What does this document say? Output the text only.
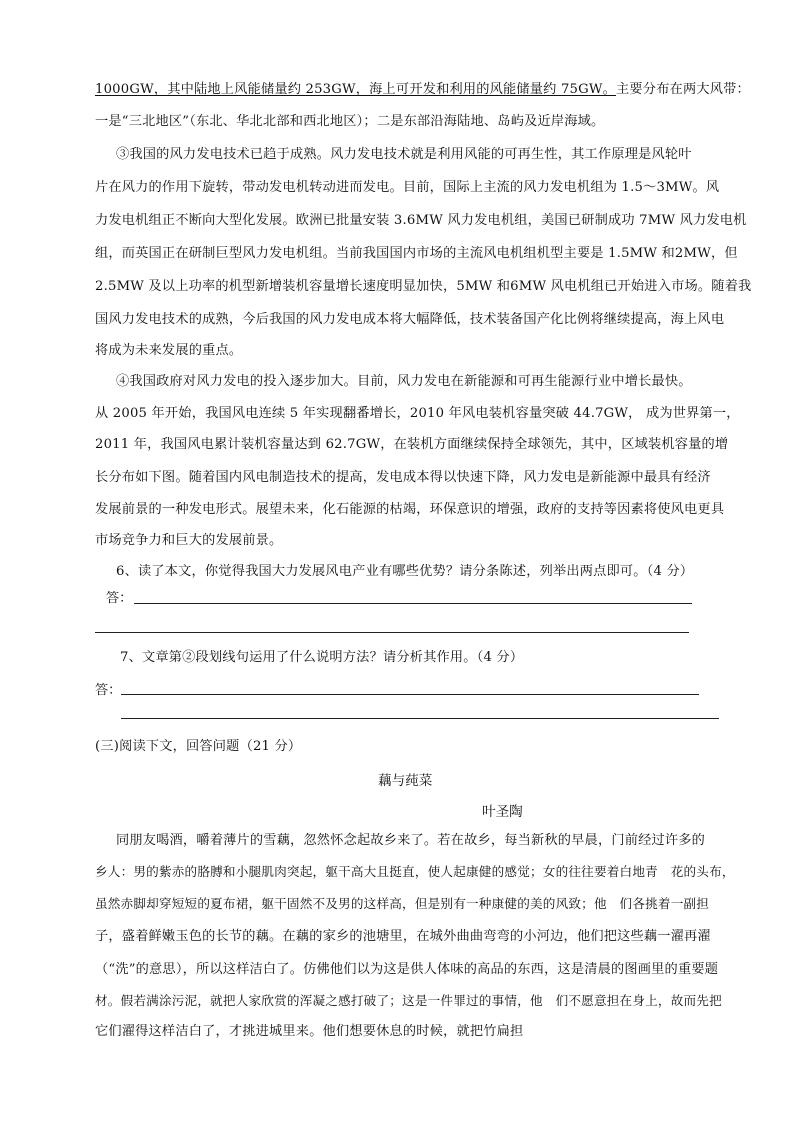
1000GW，其中陆地上风能储量约 253GW，海上可开发和利用的风能储量约 75GW。主要分布在两大风带：
一是“三北地区”（东北、华北北部和西北地区）；二是东部沿海陆地、岛屿及近岸海域。
③我国的风力发电技术已趋于成熟。风力发电技术就是利用风能的可再生性，其工作原理是风轮叶
片在风力的作用下旋转，带动发电机转动进而发电。目前，国际上主流的风力发电机组为 1.5～3MW。风
力发电机组正不断向大型化发展。欧洲已批量安装 3.6MW 风力发电机组，美国已研制成功 7MW 风力发电机
组，而英国正在研制巨型风力发电机组。当前我国国内市场的主流风电机组机型主要是 1.5MW 和2MW，但
2.5MW 及以上功率的机型新增装机容量增长速度明显加快，5MW 和6MW 风电机组已开始进入市场。随着我
国风力发电技术的成熟，今后我国的风力发电成本将大幅降低，技术装备国产化比例将继续提高，海上风电
将成为未来发展的重点。
④我国政府对风力发电的投入逐步加大。目前，风力发电在新能源和可再生能源行业中增长最快。
从 2005 年开始，我国风电连续 5 年实现翻番增长，2010 年风电装机容量突破 44.7GW， 成为世界第一，
2011 年，我国风电累计装机容量达到 62.7GW，在装机方面继续保持全球领先，其中，区域装机容量的增
长分布如下图。随着国内风电制造技术的提高，发电成本得以快速下降，风力发电是新能源中最具有经济
发展前景的一种发电形式。展望未来，化石能源的枯竭，环保意识的增强，政府的支持等因素将使风电更具
市场竞争力和巨大的发展前景。
6、读了本文，你觉得我国大力发展风电产业有哪些优势？请分条陈述，列举出两点即可。（4 分）
答：
7、文章第②段划线句运用了什么说明方法？请分析其作用。（4 分）
答：
(三)阅读下文，回答问题（21 分）
藕与莼菜
叶圣陶
同朋友喝酒，嚼着薄片的雪藕，忽然怀念起故乡来了。若在故乡，每当新秋的早晨，门前经过许多的
乡人：男的紫赤的胳膊和小腿肌肉突起，躯干高大且挺直，使人起康健的感觉；女的往往要着白地青　花的头布，
虽然赤脚却穿短短的夏布裙，躯干固然不及男的这样高，但是别有一种康健的美的风致；他　们各挑着一副担
子，盛着鲜嫩玉色的长节的藕。在藕的家乡的池塘里，在城外曲曲弯弯的小河边，他们把这些藕一濯再濯
（“洗”的意思），所以这样洁白了。仿佛他们以为这是供人体味的高品的东西，这是清晨的图画里的重要题
材。假若满涂污泥，就把人家欣赏的浑凝之感打破了；这是一件罪过的事情，他　们不愿意担在身上，故而先把
它们濯得这样洁白了，才挑进城里来。他们想要休息的时候，就把竹扁担
